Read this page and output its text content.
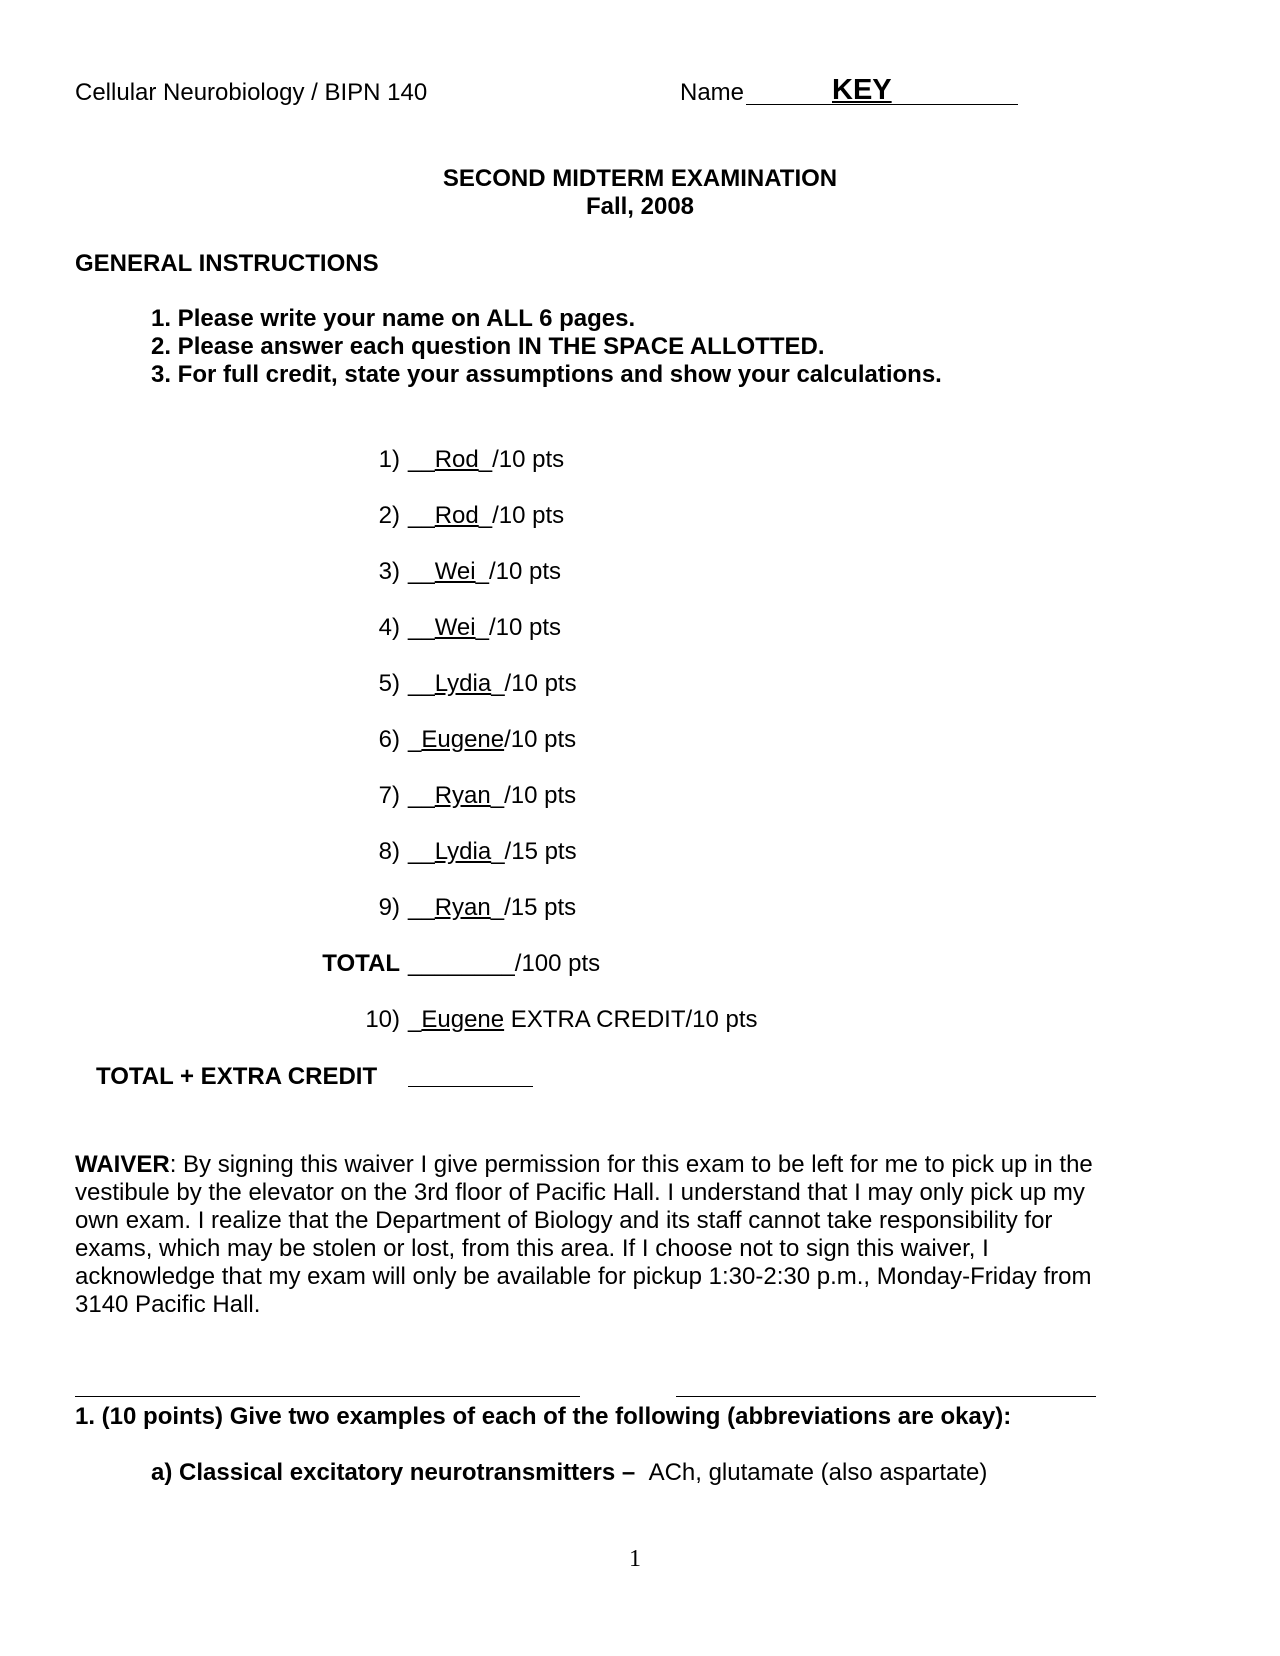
Cellular Neurobiology / BIPN 140	Name	KEY
SECOND MIDTERM EXAMINATION
Fall, 2008
GENERAL INSTRUCTIONS
1. Please write your name on ALL 6 pages.
2. Please answer each question IN THE SPACE ALLOTTED.
3. For full credit, state your assumptions and show your calculations.
1) __Rod_/10 pts
2) __Rod_/10 pts
3) __Wei_/10 pts
4) __Wei_/10 pts
5) __Lydia_/10 pts
6) _Eugene/10 pts
7) __Ryan_/10 pts
8) __Lydia_/15 pts
9) __Ryan_/15 pts
TOTAL ________/100 pts
10) _Eugene EXTRA CREDIT/10 pts
TOTAL + EXTRA CREDIT
WAIVER: By signing this waiver I give permission for this exam to be left for me to pick up in the vestibule by the elevator on the 3rd floor of Pacific Hall. I understand that I may only pick up my own exam. I realize that the Department of Biology and its staff cannot take responsibility for exams, which may be stolen or lost, from this area. If I choose not to sign this waiver, I acknowledge that my exam will only be available for pickup 1:30-2:30 p.m., Monday-Friday from 3140 Pacific Hall.
1. (10 points) Give two examples of each of the following (abbreviations are okay):
a) Classical excitatory neurotransmitters – ACh, glutamate (also aspartate)
1
